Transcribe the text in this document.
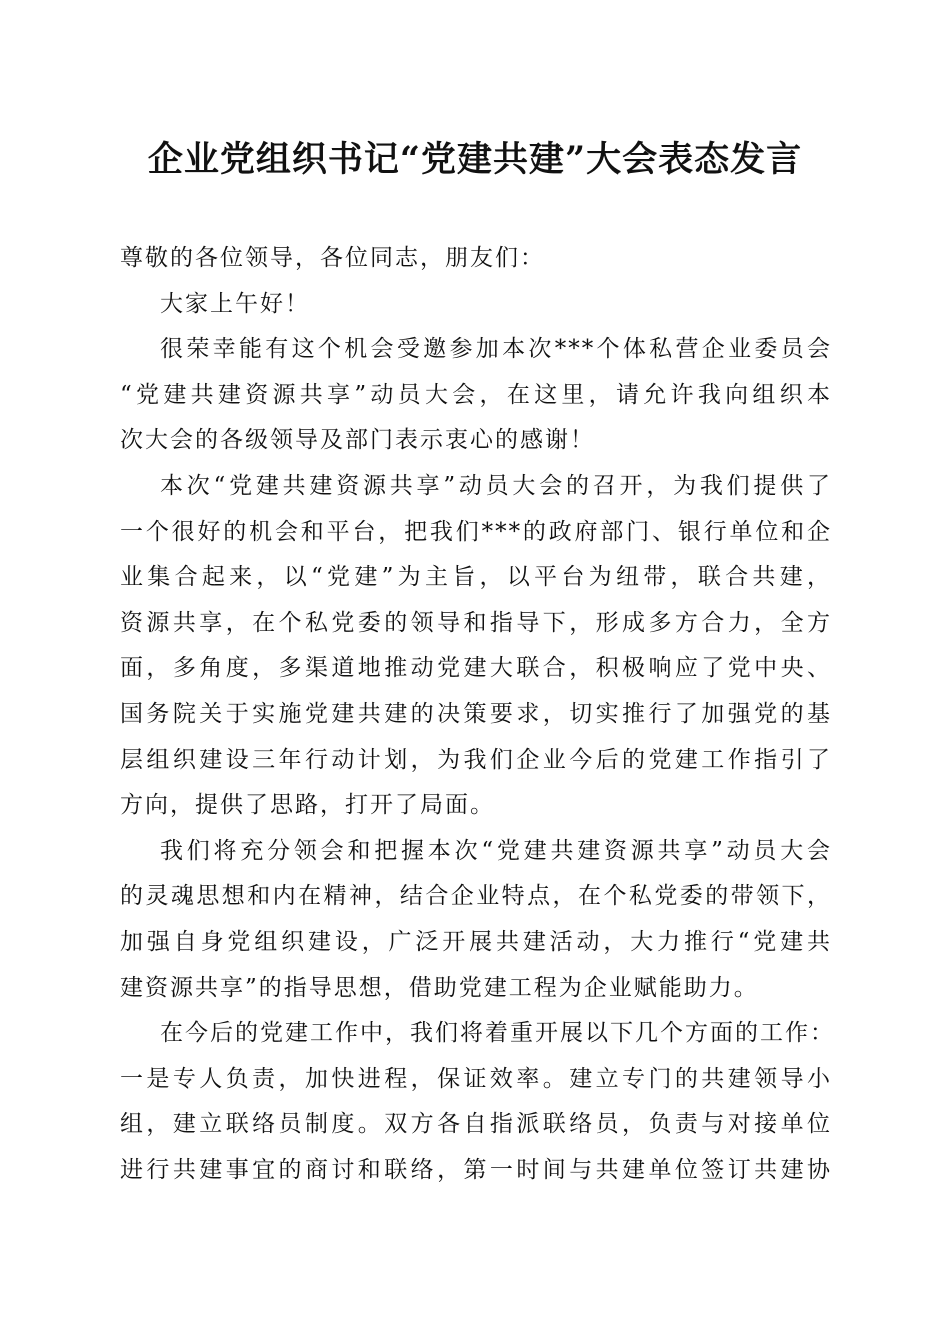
企业党组织书记“党建共建”大会表态发言
尊敬的各位领导，各位同志，朋友们：
大家上午好！
很荣幸能有这个机会受邀参加本次***个体私营企业委员会
“党建共建资源共享”动员大会，在这里，请允许我向组织本
次大会的各级领导及部门表示衷心的感谢！
本次“党建共建资源共享”动员大会的召开，为我们提供了
一个很好的机会和平台，把我们***的政府部门、银行单位和企
业集合起来，以“党建”为主旨，以平台为纽带，联合共建，
资源共享，在个私党委的领导和指导下，形成多方合力，全方
面，多角度，多渠道地推动党建大联合，积极响应了党中央、
国务院关于实施党建共建的决策要求，切实推行了加强党的基
层组织建设三年行动计划，为我们企业今后的党建工作指引了
方向，提供了思路，打开了局面。
我们将充分领会和把握本次“党建共建资源共享”动员大会
的灵魂思想和内在精神，结合企业特点，在个私党委的带领下，
加强自身党组织建设，广泛开展共建活动，大力推行“党建共
建资源共享”的指导思想，借助党建工程为企业赋能助力。
在今后的党建工作中，我们将着重开展以下几个方面的工作：
一是专人负责，加快进程，保证效率。建立专门的共建领导小
组，建立联络员制度。双方各自指派联络员，负责与对接单位
进行共建事宜的商讨和联络，第一时间与共建单位签订共建协
